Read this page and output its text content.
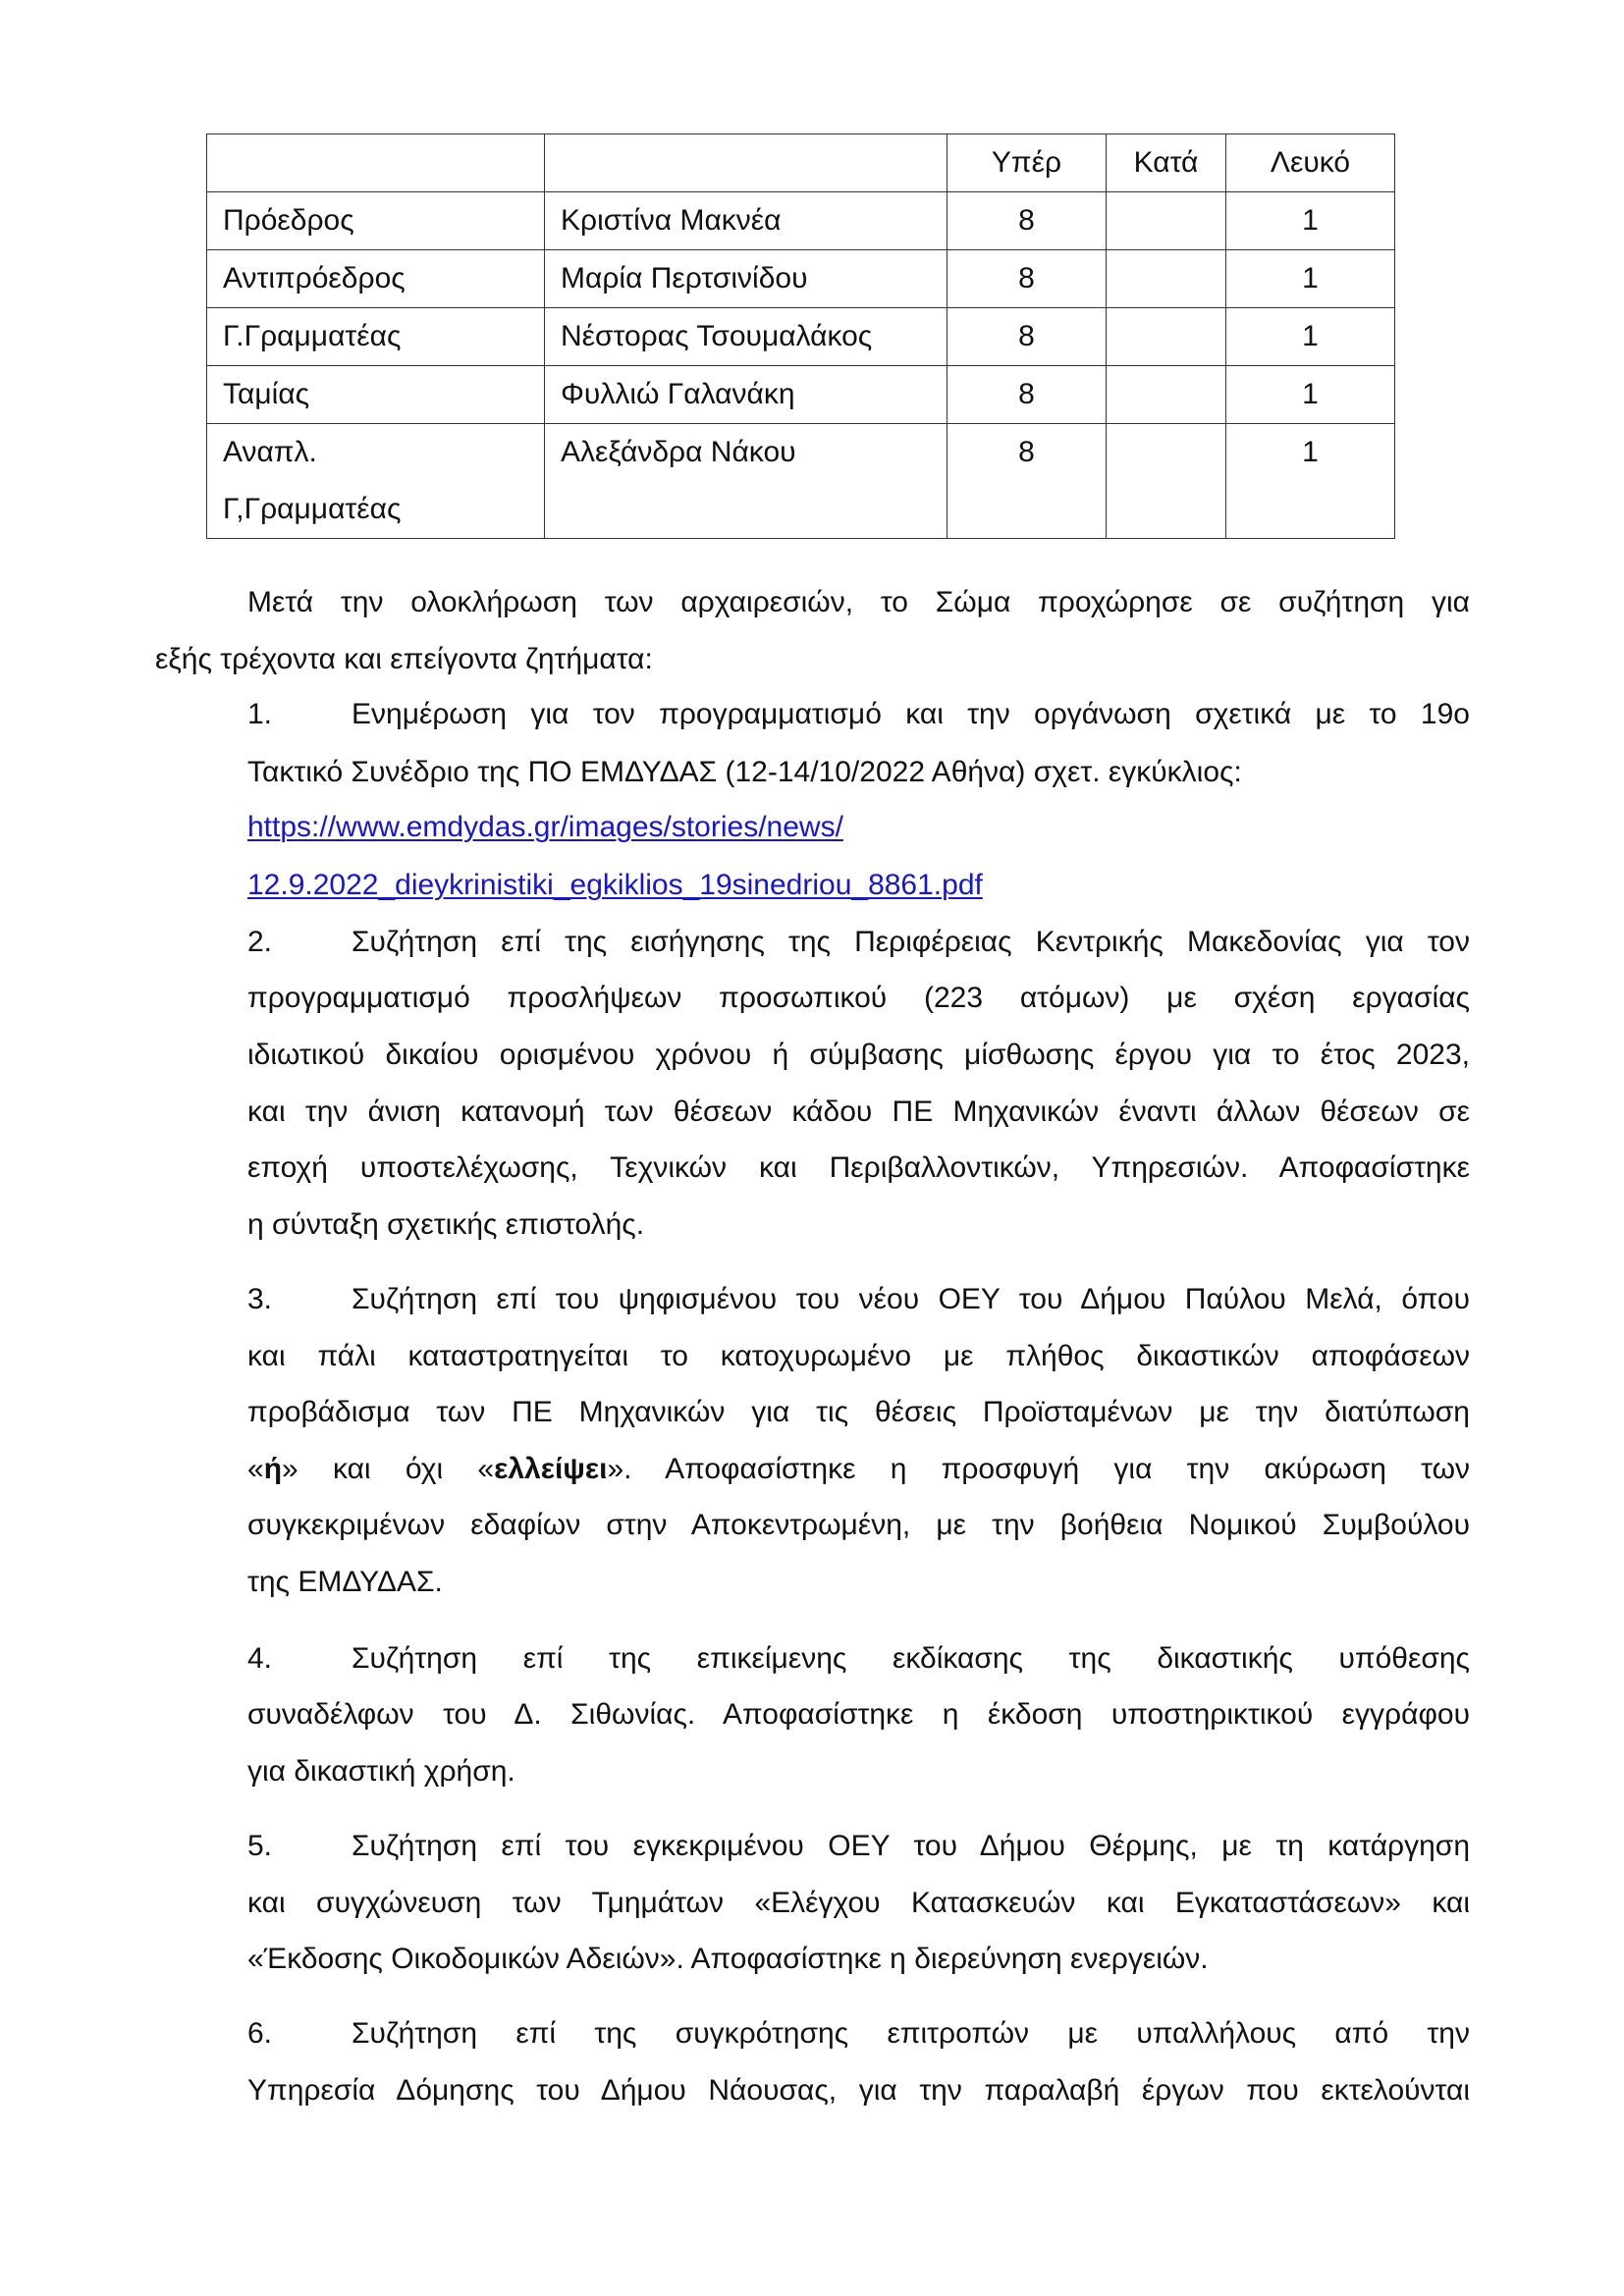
		Υπέρ	Κατά	Λευκό
Πρόεδρος	Κριστίνα Μακνέα	8		1
Αντιπρόεδρος	Μαρία Περτσινίδου	8		1
Γ.Γραμματέας	Νέστορας Τσουμαλάκος	8		1
Ταμίας	Φυλλιώ Γαλανάκη	8		1

Αναπλ.
Γ,Γραμματέας	Αλεξάνδρα Νάκου	8		1
Μετά την ολοκλήρωση των αρχαιρεσιών, το Σώμα προχώρησε σε συζήτηση για
εξής τρέχοντα και επείγοντα ζητήματα:
1.	Ενημέρωση για τον προγραμματισμό και την οργάνωση σχετικά με το 19ο
Τακτικό Συνέδριο της ΠΟ ΕΜΔΥΔΑΣ (12-14/10/2022 Αθήνα) σχετ. εγκύκλιος:
https://www.emdydas.gr/images/stories/news/
12.9.2022_dieykrinistiki_egkiklios_19sinedriou_8861.pdf
2.	Συζήτηση επί της εισήγησης της Περιφέρειας Κεντρικής Μακεδονίας για τον
προγραμματισμό προσλήψεων προσωπικού (223 ατόμων) με σχέση εργασίας
ιδιωτικού δικαίου ορισμένου χρόνου ή σύμβασης μίσθωσης έργου για το έτος 2023,
και την άνιση κατανομή των θέσεων κάδου ΠΕ Μηχανικών έναντι άλλων θέσεων σε
εποχή υποστελέχωσης, Τεχνικών και Περιβαλλοντικών, Υπηρεσιών. Αποφασίστηκε
η σύνταξη σχετικής επιστολής.
3.	Συζήτηση επί του ψηφισμένου του νέου ΟΕΥ του Δήμου Παύλου Μελά, όπου
και πάλι καταστρατηγείται το κατοχυρωμένο με πλήθος δικαστικών αποφάσεων
προβάδισμα των ΠΕ Μηχανικών για τις θέσεις Προϊσταμένων με την διατύπωση
«ή» και όχι «ελλείψει». Αποφασίστηκε η προσφυγή για την ακύρωση των
συγκεκριμένων εδαφίων στην Αποκεντρωμένη, με την βοήθεια Νομικού Συμβούλου
της ΕΜΔΥΔΑΣ.
4.	Συζήτηση επί της επικείμενης εκδίκασης της δικαστικής υπόθεσης
συναδέλφων του Δ. Σιθωνίας. Αποφασίστηκε η έκδοση υποστηρικτικού εγγράφου
για δικαστική χρήση.
5.	Συζήτηση επί του εγκεκριμένου ΟΕΥ του Δήμου Θέρμης, με τη κατάργηση
και συγχώνευση των Τμημάτων «Ελέγχου Κατασκευών και Εγκαταστάσεων» και
«Έκδοσης Οικοδομικών Αδειών». Αποφασίστηκε η διερεύνηση ενεργειών.
6.	Συζήτηση επί της συγκρότησης επιτροπών με υπαλλήλους από την
Υπηρεσία Δόμησης του Δήμου Νάουσας, για την παραλαβή έργων που εκτελούνται
